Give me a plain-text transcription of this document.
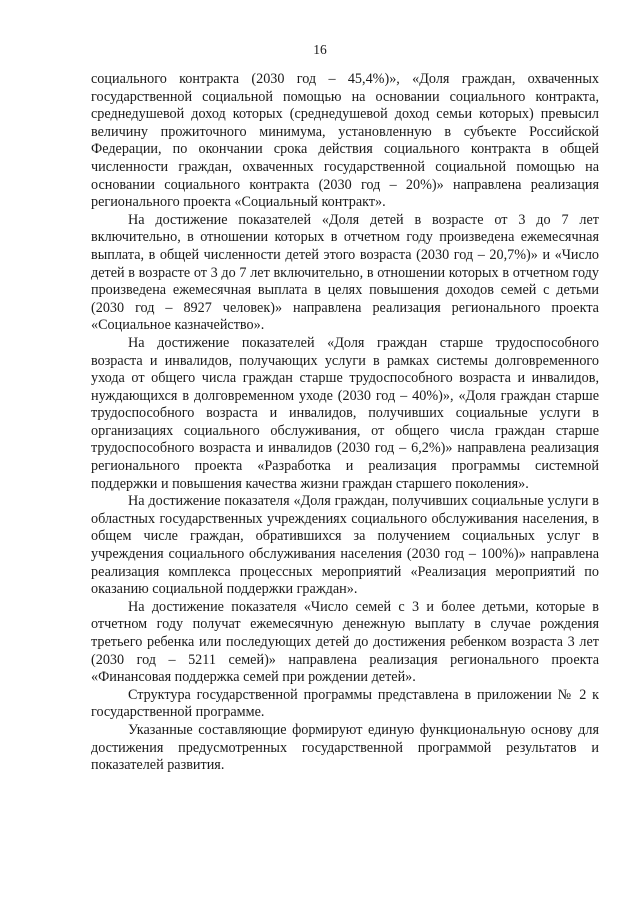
16

социального контракта (2030 год – 45,4%)», «Доля граждан, охваченных государственной социальной помощью на основании социального контракта, среднедушевой доход которых (среднедушевой доход семьи которых) превысил величину прожиточного минимума, установленную в субъекте Российской Федерации, по окончании срока действия социального контракта в общей численности граждан, охваченных государственной социальной помощью на основании социального контракта (2030 год – 20%)» направлена реализация регионального проекта «Социальный контракт».

На достижение показателей «Доля детей в возрасте от 3 до 7 лет включительно, в отношении которых в отчетном году произведена ежемесячная выплата, в общей численности детей этого возраста (2030 год – 20,7%)» и «Число детей в возрасте от 3 до 7 лет включительно, в отношении которых в отчетном году произведена ежемесячная выплата в целях повышения доходов семей с детьми (2030 год – 8927 человек)» направлена реализация регионального проекта «Социальное казначейство».

На достижение показателей «Доля граждан старше трудоспособного возраста и инвалидов, получающих услуги в рамках системы долговременного ухода от общего числа граждан старше трудоспособного возраста и инвалидов, нуждающихся в долговременном уходе (2030 год – 40%)», «Доля граждан старше трудоспособного возраста и инвалидов, получивших социальные услуги в организациях социального обслуживания, от общего числа граждан старше трудоспособного возраста и инвалидов (2030 год – 6,2%)» направлена реализация регионального проекта «Разработка и реализация программы системной поддержки и повышения качества жизни граждан старшего поколения».

На достижение показателя «Доля граждан, получивших социальные услуги в областных государственных учреждениях социального обслуживания населения, в общем числе граждан, обратившихся за получением социальных услуг в учреждения социального обслуживания населения (2030 год – 100%)» направлена реализация комплекса процессных мероприятий «Реализация мероприятий по оказанию социальной поддержки граждан».

На достижение показателя «Число семей с 3 и более детьми, которые в отчетном году получат ежемесячную денежную выплату в случае рождения третьего ребенка или последующих детей до достижения ребенком возраста 3 лет (2030 год – 5211 семей)» направлена реализация регионального проекта «Финансовая поддержка семей при рождении детей».

Структура государственной программы представлена в приложении № 2 к государственной программе.

Указанные составляющие формируют единую функциональную основу для достижения предусмотренных государственной программой результатов и показателей развития.
